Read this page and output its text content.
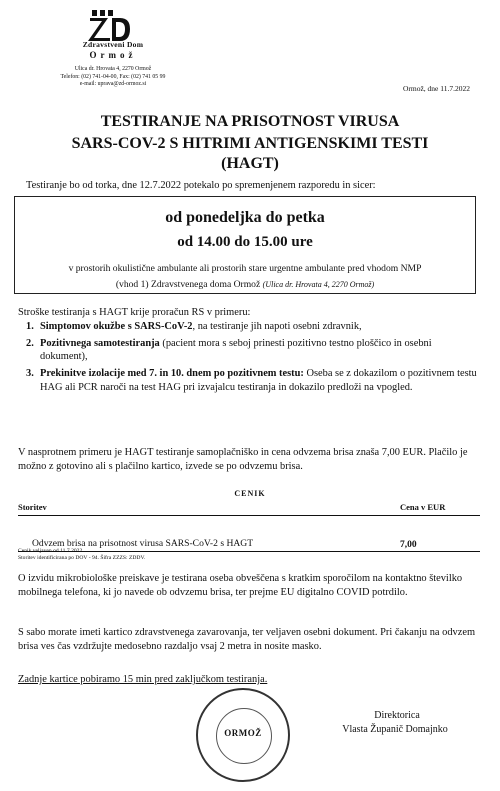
Zdravstveni Dom
Ormož
Ulica dr. Hrovata 4, 2270 Ormož
Telefon: (02) 741-04-00, Fax: (02) 741 05 99
e-mail: uprava@zd-ormoz.si	Ormož, dne 11.7.2022
TESTIRANJE NA PRISOTNOST VIRUSA
SARS-COV-2 S HITRIMI ANTIGENSKIMI TESTI
(HAGT)
Testiranje bo od torka, dne 12.7.2022 potekalo po spremenjenem razporedu in sicer:
od ponedeljka do petka
od 14.00 do 15.00 ure
v prostorih okulistične ambulante ali prostorih stare urgentne ambulante pred vhodom NMP
(vhod 1) Zdravstvenega doma Ormož (Ulica dr. Hrovata 4, 2270 Ormož)
Stroške testiranja s HAGT krije proračun RS v primeru:
1. Simptomov okužbe s SARS-CoV-2, na testiranje jih napoti osebni zdravnik,
2. Pozitivnega samotestiranja (pacient mora s seboj prinesti pozitivno testno ploščico in osebni dokument),
3. Prekinitve izolacije med 7. in 10. dnem po pozitivnem testu: Oseba se z dokazilom o pozitivnem testu HAG ali PCR naroči na test HAG pri izvajalcu testiranja in dokazilo predloži na vpogled.
V nasprotnem primeru je HAGT testiranje samoplačniško in cena odvzema brisa znaša 7,00 EUR. Plačilo je možno z gotovino ali s plačilno kartico, izvede se po odvzemu brisa.
CENIK
Storitev	Cena v EUR
Odvzem brisa na prisotnost virusa SARS-CoV-2 s HAGT	7,00
Cenik veljaven od 11.7.2022
Storitev identificirana po DOV - 94. Šifra ZZZS: ZDDV.
O izvidu mikrobiološke preiskave je testirana oseba obveščena s kratkim sporočilom na kontaktno številko mobilnega telefona, ki jo navede ob odvzemu brisa, ter prejme EU digitalno COVID potrdilo.
S sabo morate imeti kartico zdravstvenega zavarovanja, ter veljaven osebni dokument. Pri čakanju na odvzem brisa ves čas vzdržujte medosebno razdaljo vsaj 2 metra in nosite masko.
Zadnje kartice pobiramo 15 min pred zaključkom testiranja.
ORMOŽ
Direktorica
Vlasta Županič Domajnko
